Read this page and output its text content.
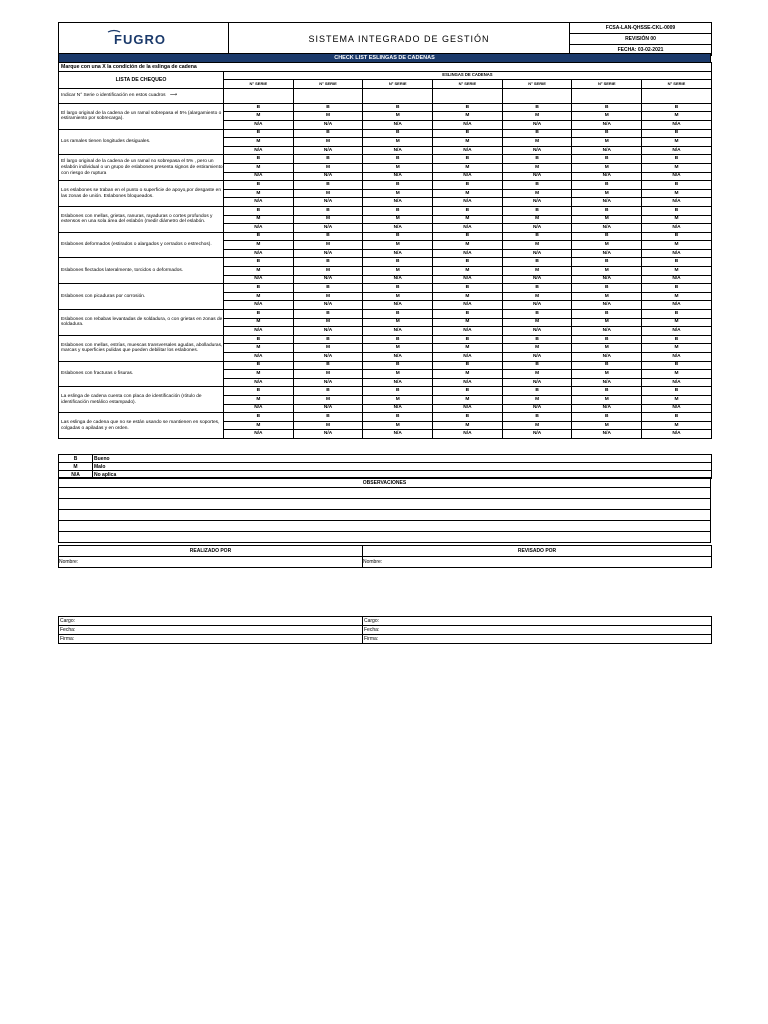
FUGRO	SISTEMA INTEGRADO DE GESTIÓN	FCSA-LAN-QHSSE-CKL-0009
REVISIÓN 00
FECHA: 03-02-2021
CHECK LIST ESLINGAS DE CADENAS
Marque con una X la condición de la eslinga de cadena							
LISTA DE CHEQUEO	ESLINGAS DE CADENAS						
	N° SERIE	N° SERIE	N° SERIE	N° SERIE	N° SERIE	N° SERIE	N° SERIE
Indicar N° Serie o identificación en estos cuadros ⟶							
El largo original de la cadena de un ramal sobrepasa el 5% (alargamiento o estiramiento por sobrecarga).	B	B	B	B	B	B	B
	M	M	M	M	M	M	M
	N/A	N/A	N/A	N/A	N/A	N/A	N/A
Los ramales tienen longitudes desiguales.	B	B	B	B	B	B	B
	M	M	M	M	M	M	M
	N/A	N/A	N/A	N/A	N/A	N/A	N/A
El largo original de la cadena de un ramal no sobrepasa el 5% , pero un eslabón individual o un grupo de eslabones presenta signos de estiramiento con riesgo de ruptura	B	B	B	B	B	B	B
	M	M	M	M	M	M	M
	N/A	N/A	N/A	N/A	N/A	N/A	N/A
Los eslabones se traban en el punto o superficie de apoyo,por desgaste en las zonas de unión. Eslabones bloqueados.	B	B	B	B	B	B	B
	M	M	M	M	M	M	M
	N/A	N/A	N/A	N/A	N/A	N/A	N/A
Eslabones con mellas, grietas, ranuras, rayaduras o cortes profundos y extensos en una sola área del eslabón (medir diámetro del eslabón.	B	B	B	B	B	B	B
	M	M	M	M	M	M	M
	N/A	N/A	N/A	N/A	N/A	N/A	N/A
Eslabones deformados (estirados o alargados y cerrados o estrechos).	B	B	B	B	B	B	B
	M	M	M	M	M	M	M
	N/A	N/A	N/A	N/A	N/A	N/A	N/A
Eslabones flectados lateralmente, torcidos o deformados.	B	B	B	B	B	B	B
	M	M	M	M	M	M	M
	N/A	N/A	N/A	N/A	N/A	N/A	N/A
Eslabones con picaduras por corrosión.	B	B	B	B	B	B	B
	M	M	M	M	M	M	M
	N/A	N/A	N/A	N/A	N/A	N/A	N/A
Eslabones con rebabas levantadas de soldadura, o con grietas en zonas de soldadura.	B	B	B	B	B	B	B
	M	M	M	M	M	M	M
	N/A	N/A	N/A	N/A	N/A	N/A	N/A
Eslabones con mellas, estrías, muescas transversales agudas, abolladuras, marcas y superficies pulidas que pueden debilitar los eslabones.	B	B	B	B	B	B	B
	M	M	M	M	M	M	M
	N/A	N/A	N/A	N/A	N/A	N/A	N/A
Eslabones con fracturas o fisuras.	B	B	B	B	B	B	B
	M	M	M	M	M	M	M
	N/A	N/A	N/A	N/A	N/A	N/A	N/A
La eslinga de cadena cuenta con placa de identificación (rótulo de identificación metálico estampado).	B	B	B	B	B	B	B
	M	M	M	M	M	M	M
	N/A	N/A	N/A	N/A	N/A	N/A	N/A
Las eslinga de cadena que no se están usando se mantienen en soportes, colgadas o apiladas y en orden.	B	B	B	B	B	B	B
	M	M	M	M	M	M	M
	N/A	N/A	N/A	N/A	N/A	N/A	N/A
B	Bueno
M	Malo
N/A	No aplica
OBSERVACIONES

REALIZADO POR	REVISADO POR
Nombre:	Nombre:
Cargo:	Cargo:
Fecha:	Fecha:
Firma:	Firma:
